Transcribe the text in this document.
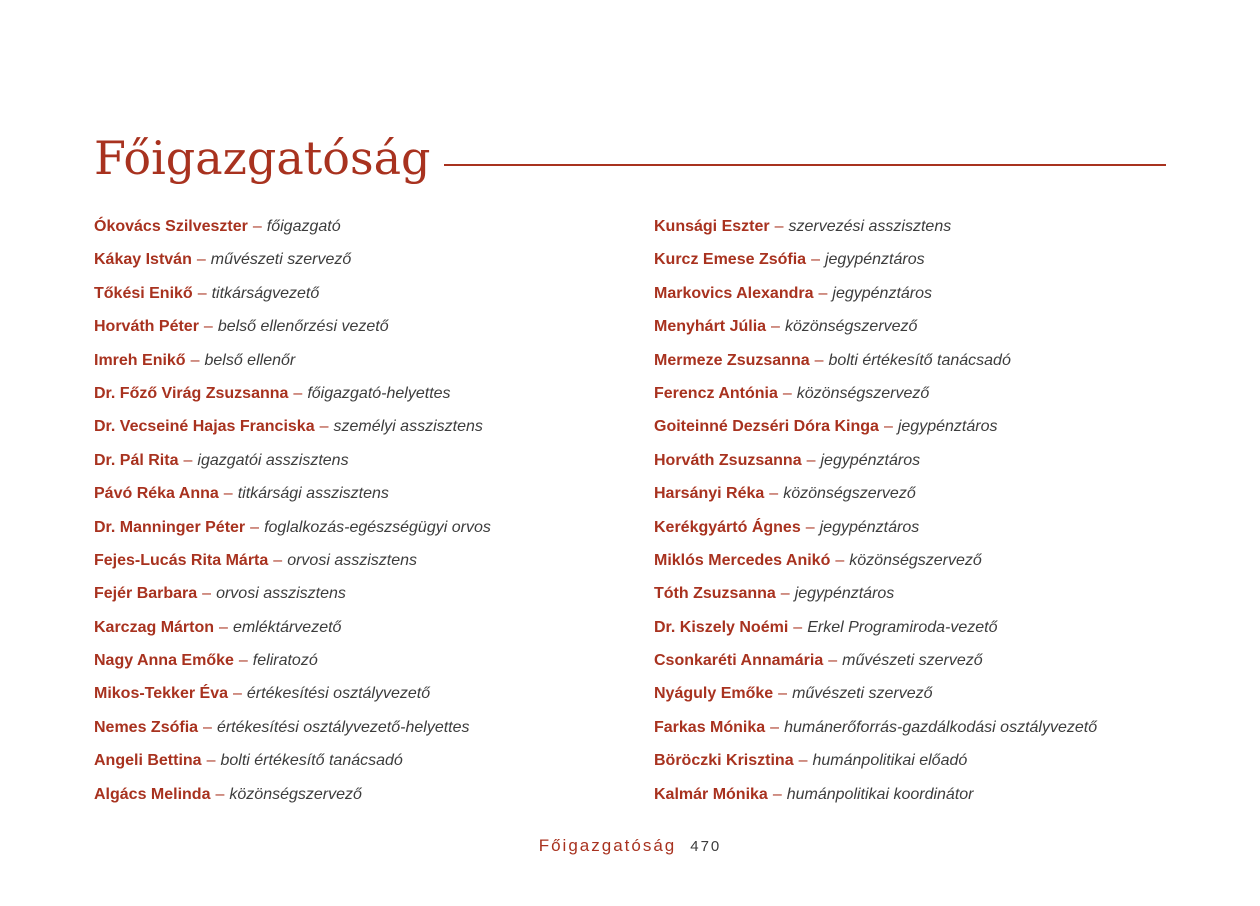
Főigazgatóság
Ókovács Szilveszter – főigazgató
Kákay István – művészeti szervező
Tőkési Enikő – titkárságvezető
Horváth Péter – belső ellenőrzési vezető
Imreh Enikő – belső ellenőr
Dr. Főző Virág Zsuzsanna – főigazgató-helyettes
Dr. Vecseiné Hajas Franciska – személyi asszisztens
Dr. Pál Rita – igazgatói asszisztens
Pávó Réka Anna – titkársági asszisztens
Dr. Manninger Péter – foglalkozás-egészségügyi orvos
Fejes-Lucás Rita Márta – orvosi asszisztens
Fejér Barbara – orvosi asszisztens
Karczag Márton – emléktárvezető
Nagy Anna Emőke – feliratozó
Mikos-Tekker Éva – értékesítési osztályvezető
Nemes Zsófia – értékesítési osztályvezető-helyettes
Angeli Bettina – bolti értékesítő tanácsadó
Algács Melinda – közönségszervező
Kunsági Eszter – szervezési asszisztens
Kurcz Emese Zsófia – jegypénztáros
Markovics Alexandra – jegypénztáros
Menyhárt Júlia – közönségszervező
Mermeze Zsuzsanna – bolti értékesítő tanácsadó
Ferencz Antónia – közönségszervező
Goiteinné Dezséri Dóra Kinga – jegypénztáros
Horváth Zsuzsanna – jegypénztáros
Harsányi Réka – közönségszervező
Kerékgyártó Ágnes – jegypénztáros
Miklós Mercedes Anikó – közönségszervező
Tóth Zsuzsanna – jegypénztáros
Dr. Kiszely Noémi – Erkel Programiroda-vezető
Csonkaréti Annamária – művészeti szervező
Nyáguly Emőke – művészeti szervező
Farkas Mónika – humánerőforrás-gazdálkodási osztályvezető
Böröczki Krisztina – humánpolitikai előadó
Kalmár Mónika – humánpolitikai koordinátor
Főigazgatóság 470
